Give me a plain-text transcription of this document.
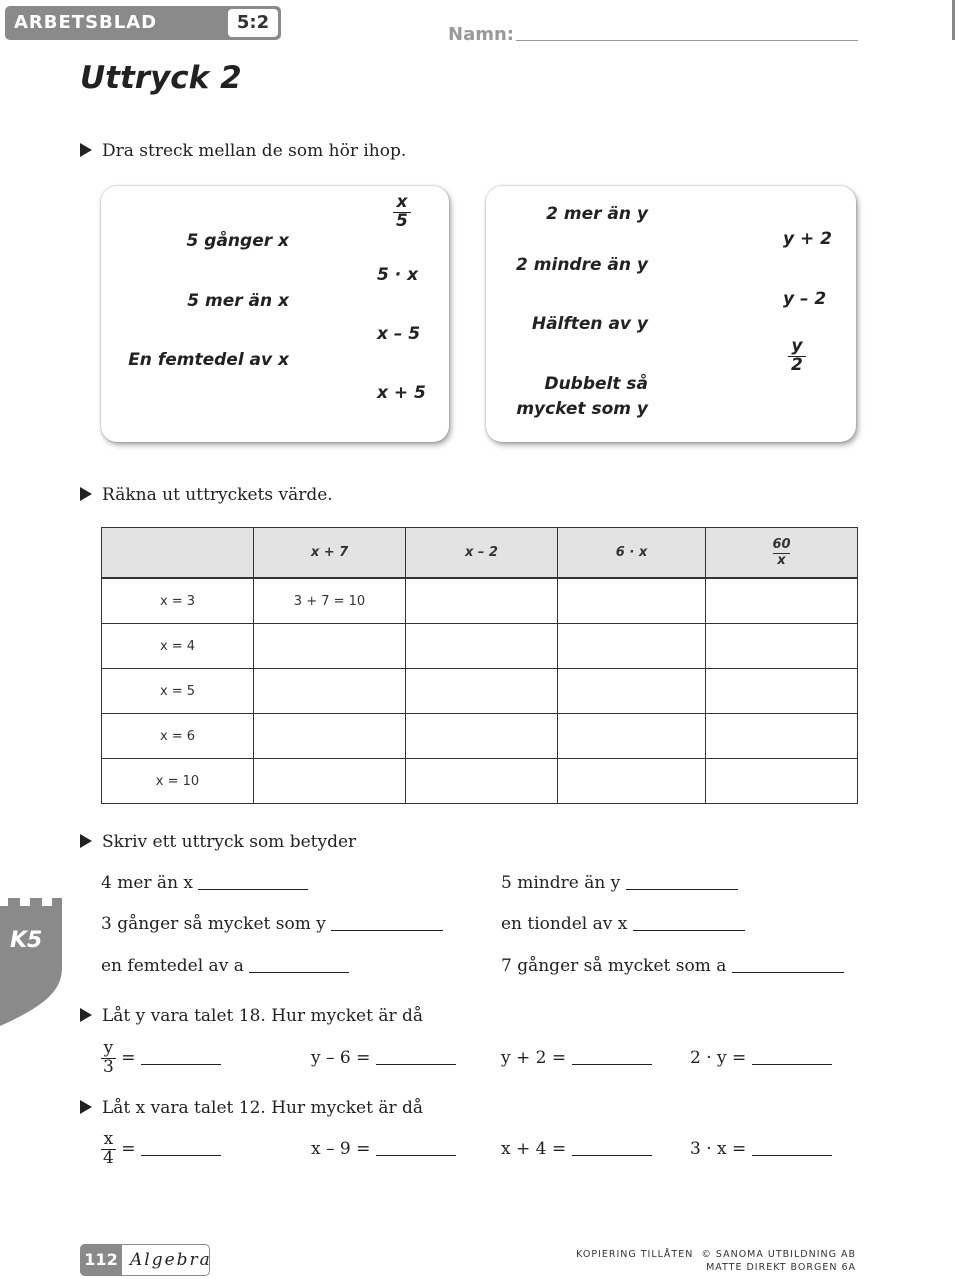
ARBETSBLAD	5:2
Namn:
Uttryck 2
Dra streck mellan de som hör ihop.
5 gånger x
5 mer än x
En femtedel av x
$\frac{x}{5}$
5 · x
x – 5
x + 5
2 mer än y
2 mindre än y
Hälften av y
Dubbelt så
mycket som y
y + 2
y – 2
$\frac{y}{2}$
Räkna ut uttryckets värde.
	x + 7	x – 2	6 · x	$\frac{60}{x}$

x = 3	3 + 7 = 10			
x = 4				
x = 5				
x = 6				
x = 10				
Skriv ett uttryck som betyder
4 mer än x	5 mindre än y
3 gånger så mycket som y	en tiondel av x
en femtedel av a	7 gånger så mycket som a
K5
Låt y vara talet 18. Hur mycket är då
$\frac{y}{3}$ =	y – 6 =	y + 2 =	2 · y =
Låt x vara talet 12. Hur mycket är då
$\frac{x}{4}$ =	x – 9 =	x + 4 =	3 · x =
112 Algebra	KOPIERING TILLÅTEN  © SANOMA UTBILDNING AB
MATTE DIREKT BORGEN 6A
